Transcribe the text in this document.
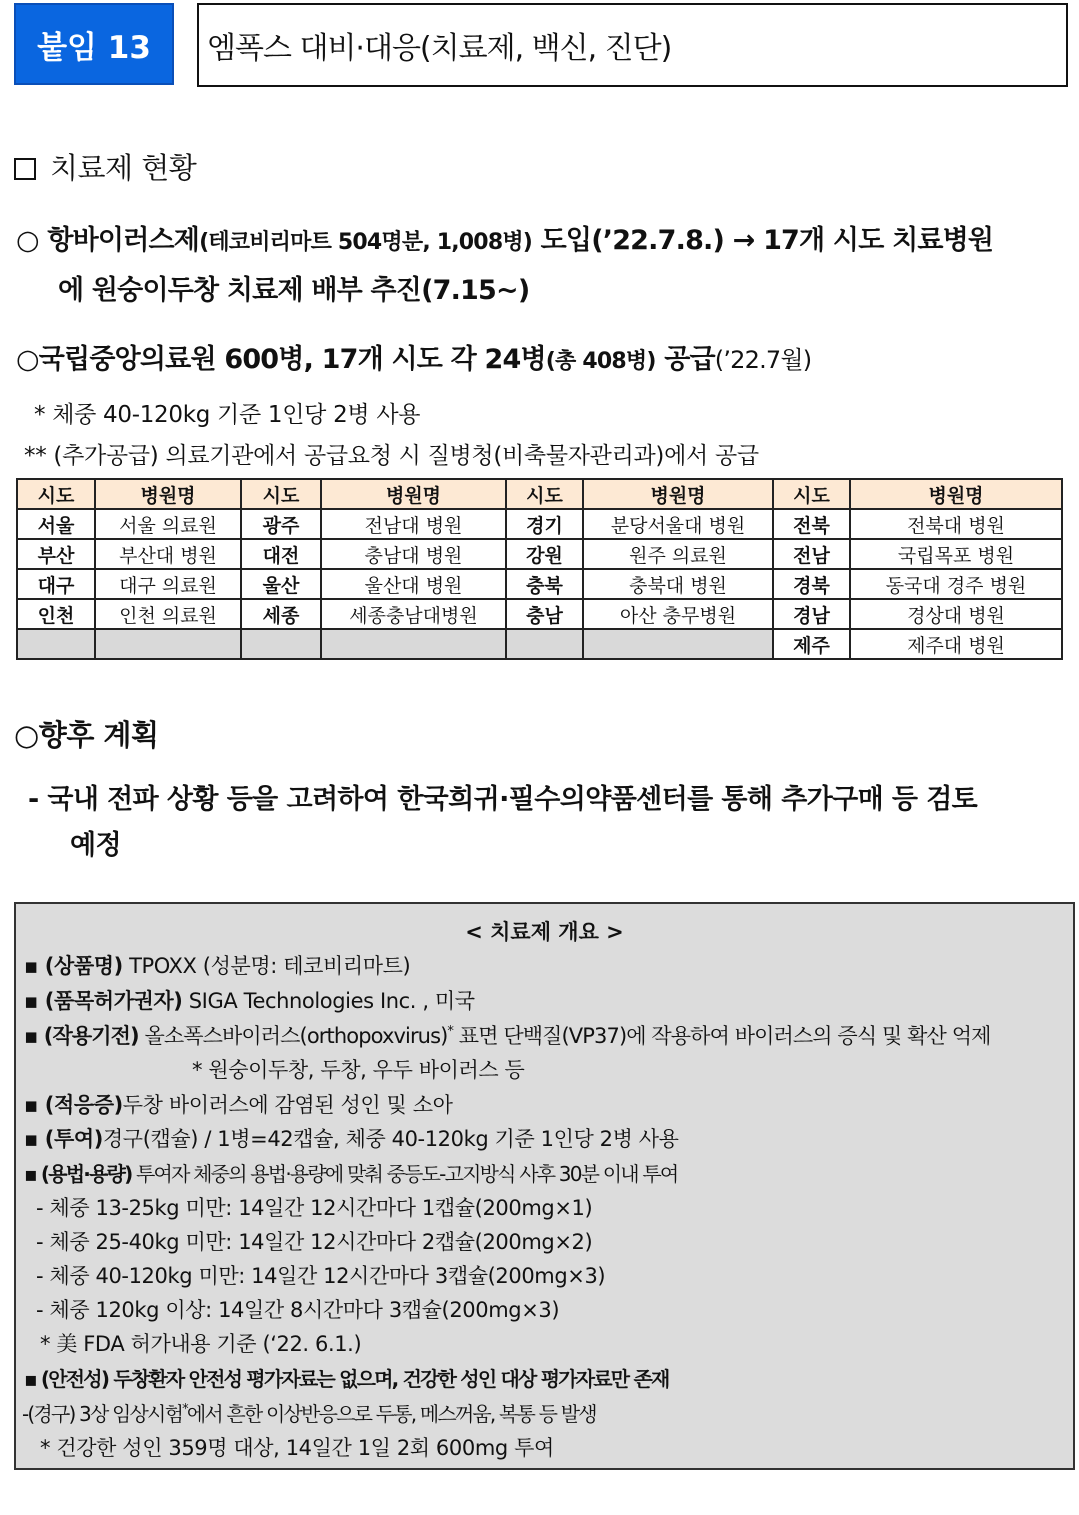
붙임 13 엠폭스 대비·대응(치료제, 백신, 진단)
치료제 현황
○ 항바이러스제(테코비리마트 504명분, 1,008병) 도입(’22.7.8.) → 17개 시도 치료병원
에 원숭이두창 치료제 배부 추진(7.15~)
○국립중앙의료원 600병, 17개 시도 각 24병(총 408병) 공급(’22.7월)
* 체중 40-120kg 기준 1인당 2병 사용
** (추가공급) 의료기관에서 공급요청 시 질병청(비축물자관리과)에서 공급
시도	병원명	시도	병원명	시도	병원명	시도	병원명
서울	서울 의료원	광주	전남대 병원	경기	분당서울대 병원	전북	전북대 병원
부산	부산대 병원	대전	충남대 병원	강원	원주 의료원	전남	국립목포 병원
대구	대구 의료원	울산	울산대 병원	충북	충북대 병원	경북	동국대 경주 병원
인천	인천 의료원	세종	세종충남대병원	충남	아산 충무병원	경남	경상대 병원
						제주	제주대 병원
○향후 계획
- 국내 전파 상황 등을 고려하여 한국희귀·필수의약품센터를 통해 추가구매 등 검토
예정
< 치료제 개요 >
▪ (상품명) TPOXX (성분명: 테코비리마트)
▪ (품목허가권자) SIGA Technologies Inc. , 미국
▪ (작용기전) 올소폭스바이러스(orthopoxvirus)* 표면 단백질(VP37)에 작용하여 바이러스의 증식 및 확산 억제
* 원숭이두창, 두창, 우두 바이러스 등
▪ (적응증)두창 바이러스에 감염된 성인 및 소아
▪ (투여)경구(캡슐) / 1병=42캡슐, 체중 40-120kg 기준 1인당 2병 사용
▪ (용법·용량) 투여자 체중의 용법·용량에 맞춰 중등도-고지방식 사후 30분 이내 투여
- 체중 13-25kg 미만: 14일간 12시간마다 1캡슐(200mg×1)
- 체중 25-40kg 미만: 14일간 12시간마다 2캡슐(200mg×2)
- 체중 40-120kg 미만: 14일간 12시간마다 3캡슐(200mg×3)
- 체중 120kg 이상: 14일간 8시간마다 3캡슐(200mg×3)
* 美 FDA 허가내용 기준 (‘22. 6.1.)
▪ (안전성) 두창환자 안전성 평가자료는 없으며, 건강한 성인 대상 평가자료만 존재
-(경구) 3상 임상시험*에서 흔한 이상반응으로 두통, 메스꺼움, 복통 등 발생
* 건강한 성인 359명 대상, 14일간 1일 2회 600mg 투여
